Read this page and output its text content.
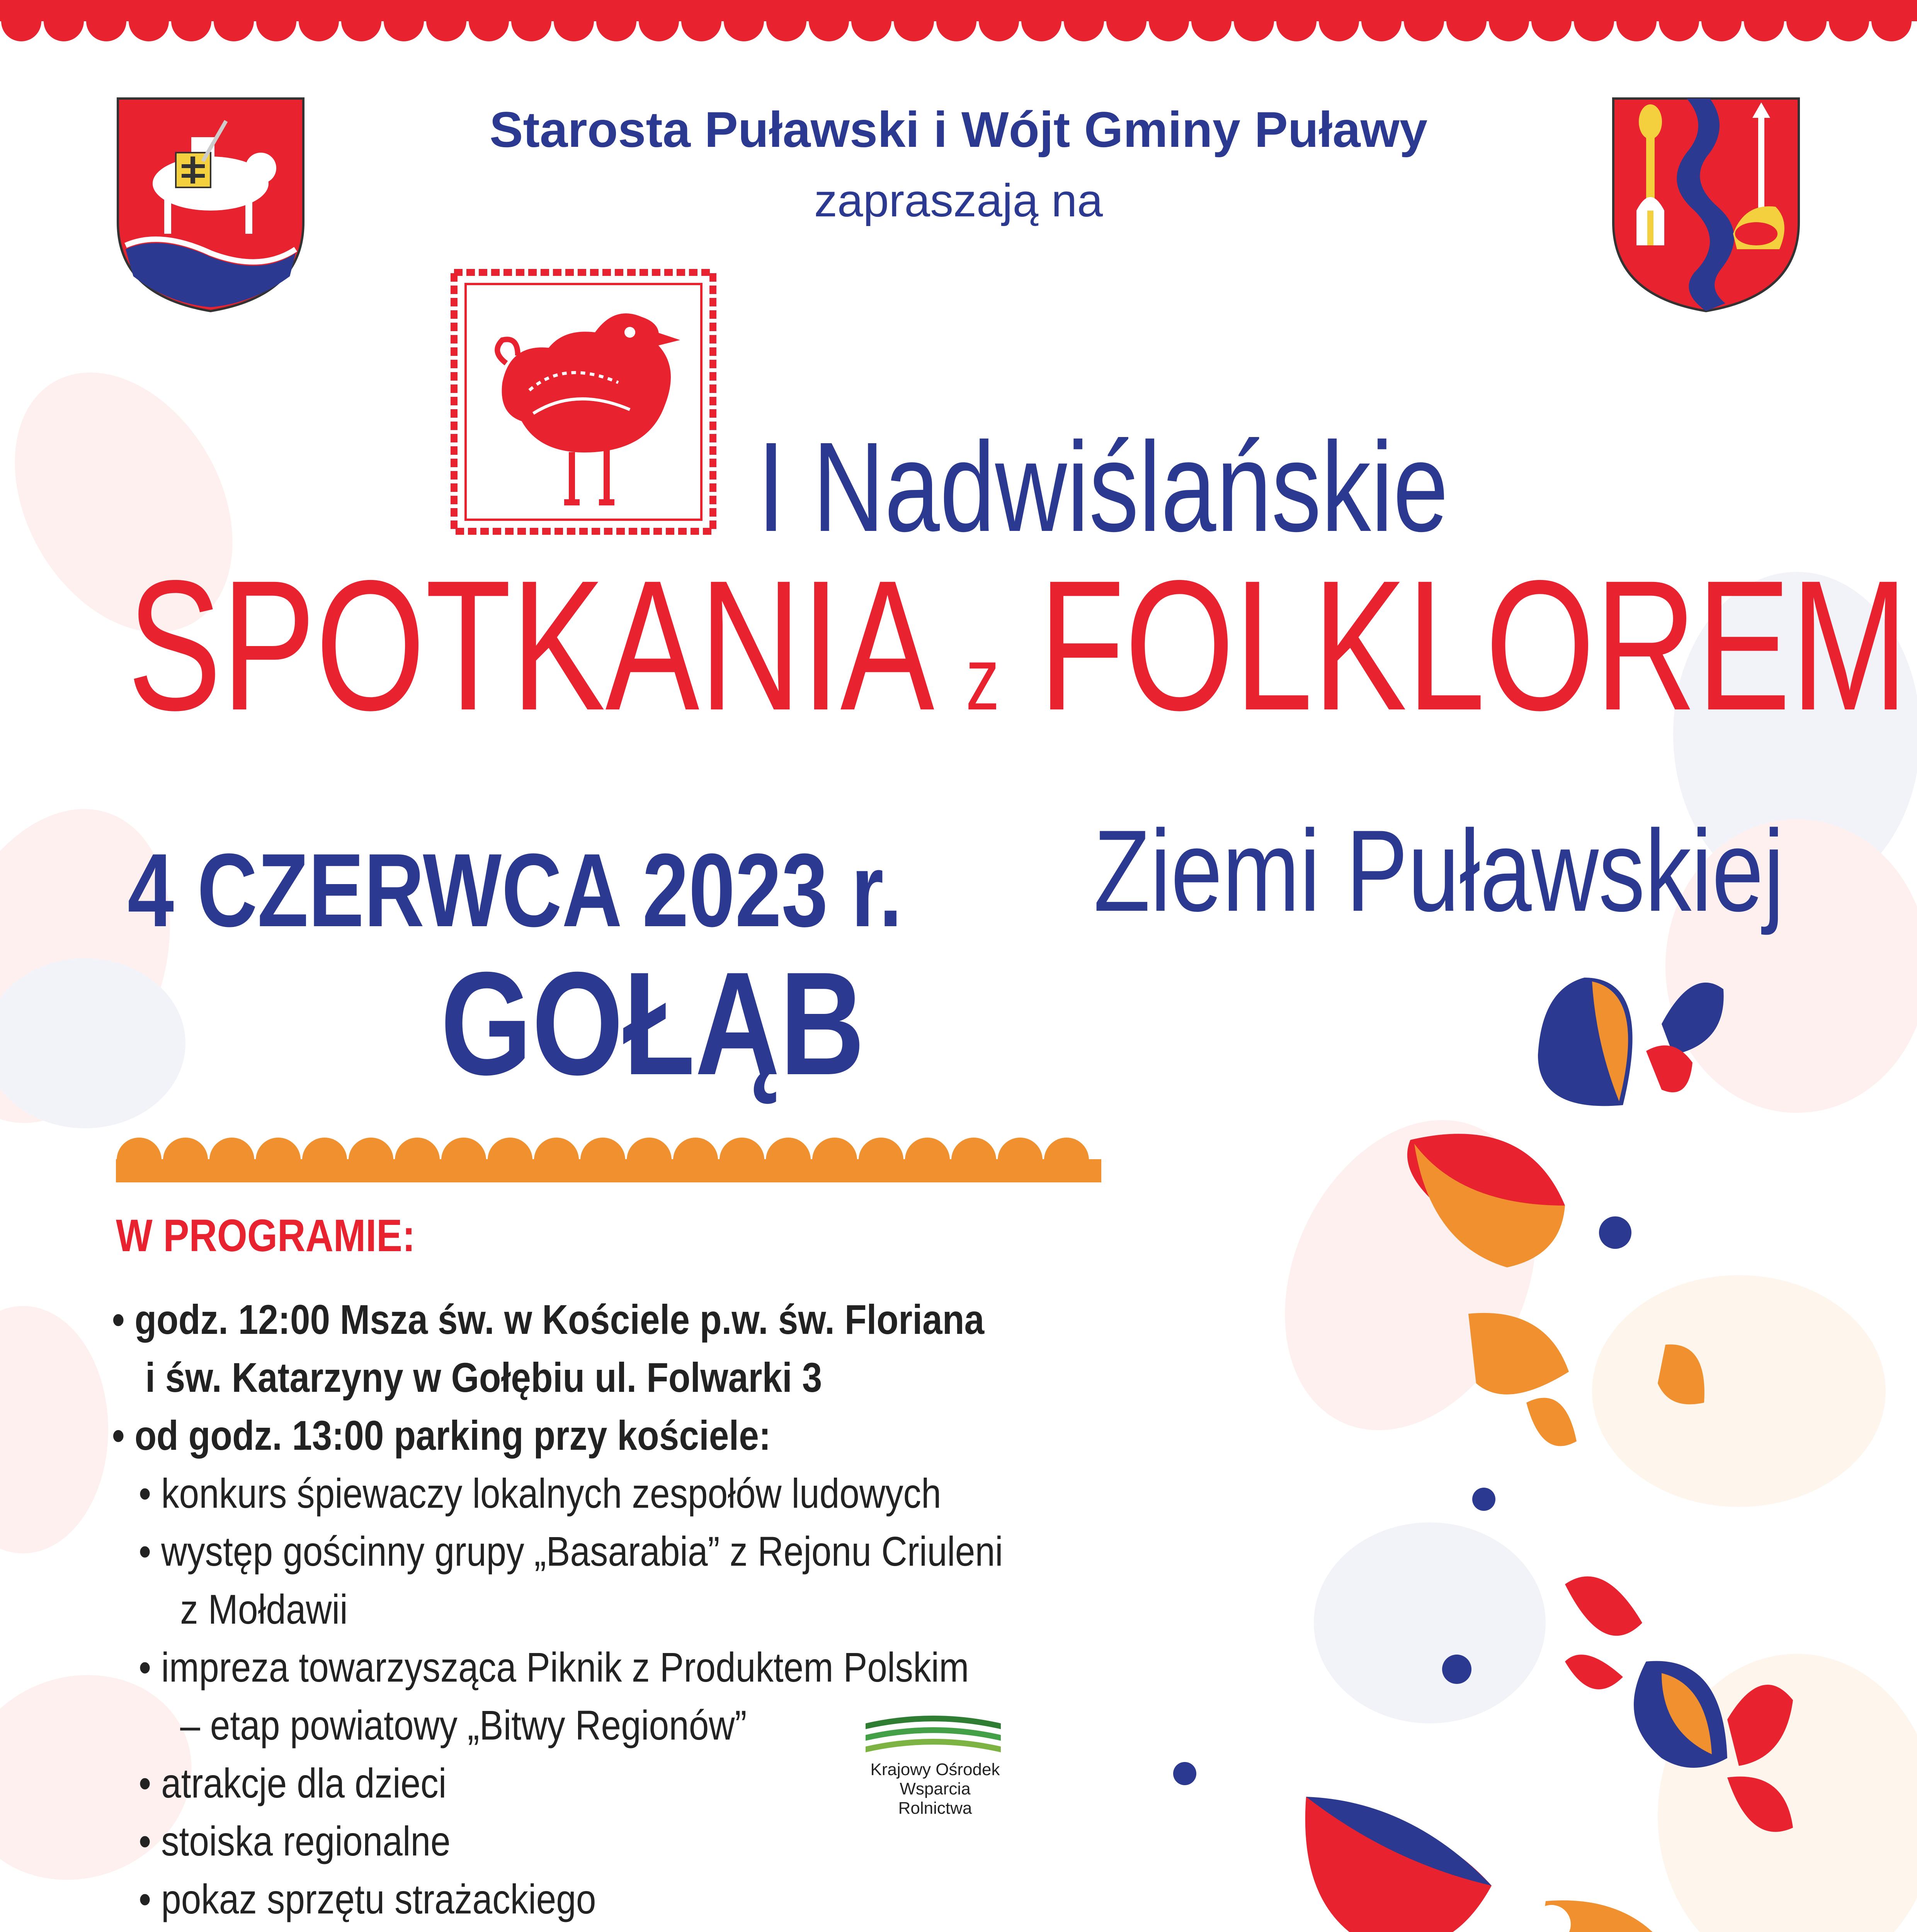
Starosta Puławski i Wójt Gminy Puławy
zapraszają na
I Nadwiślańskie
SPOTKANIA z FOLKLOREM
Ziemi Puławskiej
4 CZERWCA 2023 r.
GOŁĄB
W PROGRAMIE:
• godz. 12:00 Msza św. w Kościele p.w. św. Floriana
i św. Katarzyny w Gołębiu ul. Folwarki 3
• od godz. 13:00 parking przy kościele:
• konkurs śpiewaczy lokalnych zespołów ludowych
• występ gościnny grupy „Basarabia” z Rejonu Criuleni
z Mołdawii
• impreza towarzysząca Piknik z Produktem Polskim
– etap powiatowy „Bitwy Regionów”
• atrakcje dla dzieci
• stoiska regionalne
• pokaz sprzętu strażackiego
Krajowy Ośrodek
Wsparcia Rolnictwa
